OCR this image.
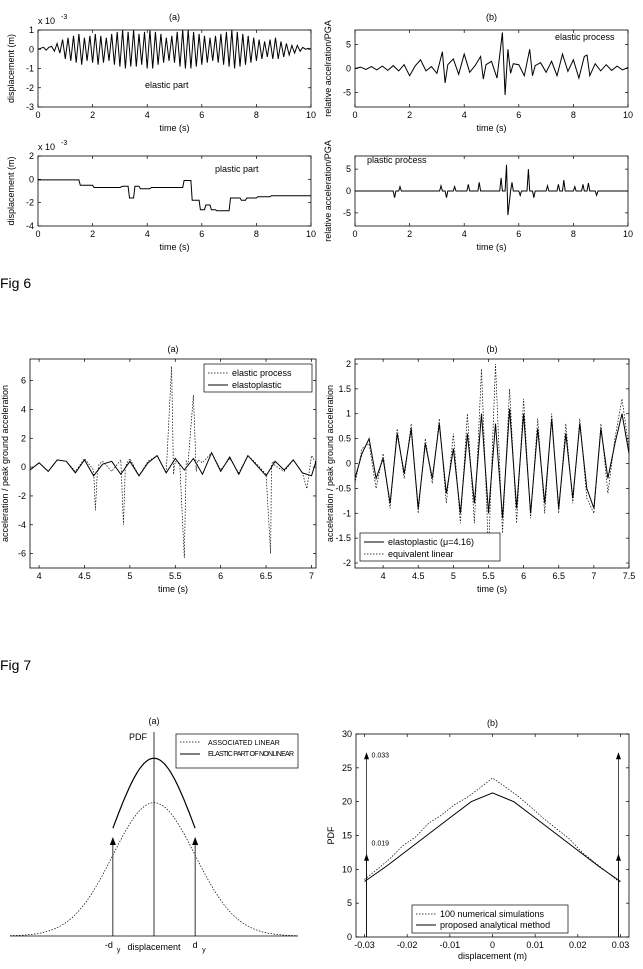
0	2	4	6	8	10
1
0
-1
-2
-3
(a)
time (s)
displacement (m)
x 10 -3
elastic part
0	2	4	6	8	10
2
0
-2
-4
time (s)
displacement (m)
x 10 -3
plastic part
0	2	4	6	8	10
5
0
-5
(b)
time (s)
relative accelration/PGA	elastic process
0	2	4	6	8	10
5
0
-5
time (s)
relative acceleration/PGA	plastic process
4	4.5	5	5.5	6	6.5	7
6
4
2
0
-2
-4
-6
(a)
time (s)
acceleration / peak ground acceleration
elastic process
elastoplastic
4	4.5	5	5.5	6	6.5	7	7.5
2
1.5
1
0.5
0
-0.5
-1
-1.5
-2
(b)
time (s)
acceleration / peak ground acceleration	elastoplastic (μ=4.16)
equivalent linear
(a)
PDF
displacement
-d
y
d
y
ASSOCIATED LINEAR
ELASTIC PART OF NONLINEAR
-0.03 -0.02 -0.01	0	0.01	0.02	0.03
30
25
20
15
10
5
0
0.033
0.019
(b)
displacement (m)
PDF
100 numerical simulations
proposed analytical method
Fig 6
Fig 7
